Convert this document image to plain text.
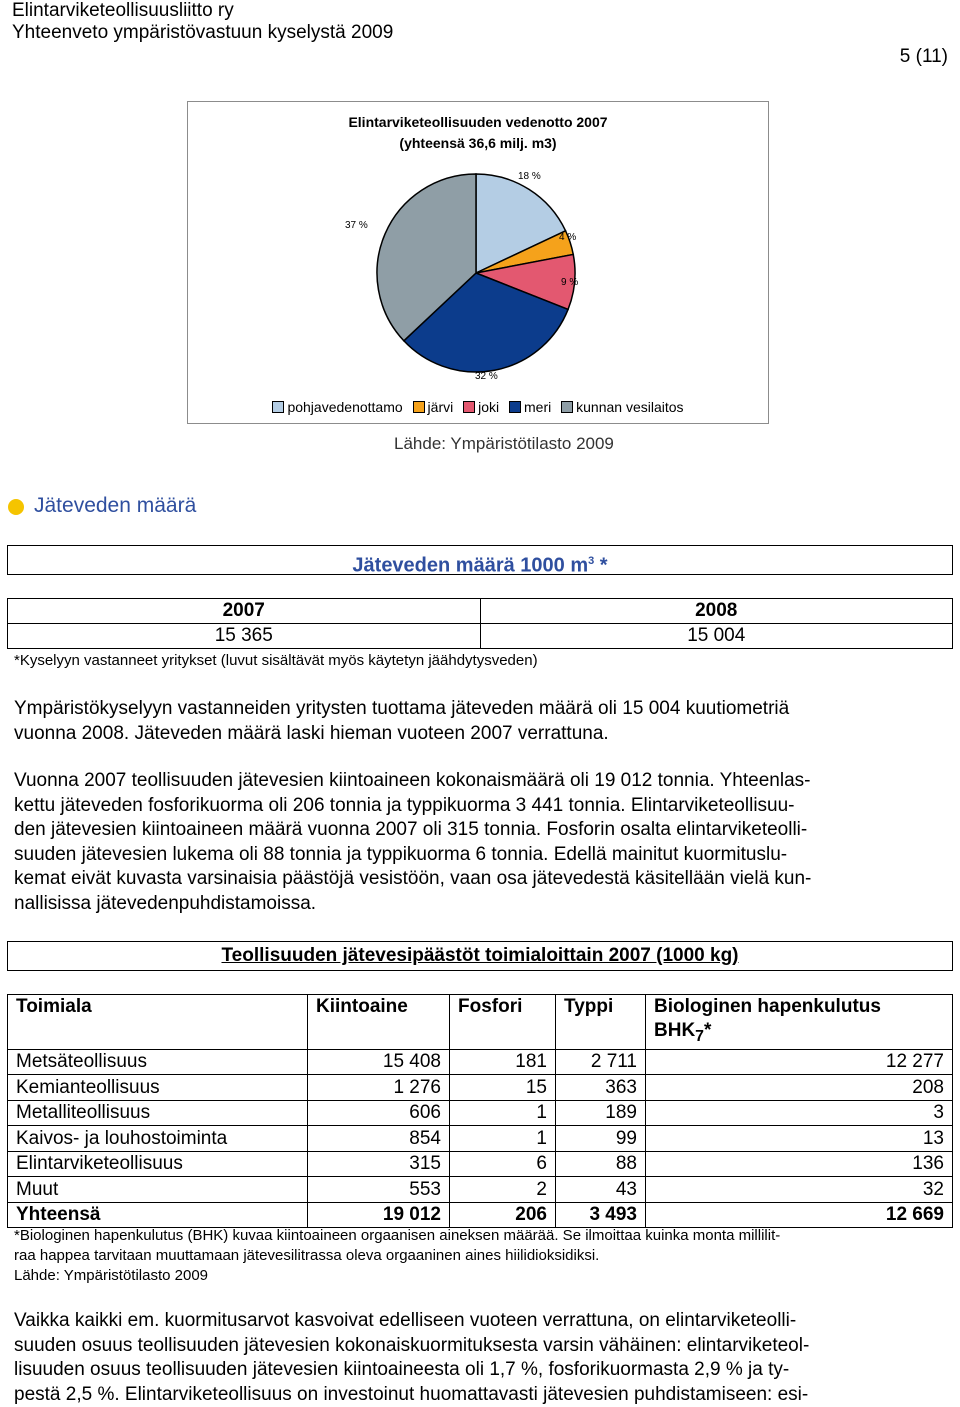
Elintarviketeollisuusliitto ry
Yhteenveto ympäristövastuun kyselystä 2009
5 (11)
Elintarviketeollisuuden vedenotto 2007
(yhteensä 36,6 milj. m3)
18 %
4 %
9 %
32 %
37 %
pohjavedenottamo järvi joki meri kunnan vesilaitos
Lähde: Ympäristötilasto 2009
Jäteveden määrä
Jäteveden määrä 1000 $m^3$ *
2007	2008
15 365	15 004
*Kyselyyn vastanneet yritykset (luvut sisältävät myös käytetyn jäähdytysveden)
Ympäristökyselyyn vastanneiden yritysten tuottama jäteveden määrä oli 15 004 kuutiometriä
vuonna 2008. Jäteveden määrä laski hieman vuoteen 2007 verrattuna.
Vuonna 2007 teollisuuden jätevesien kiintoaineen kokonaismäärä oli 19 012 tonnia. Yhteenlas-
kettu jäteveden fosforikuorma oli 206 tonnia ja typpikuorma 3 441 tonnia. Elintarviketeollisuu-
den jätevesien kiintoaineen määrä vuonna 2007 oli 315 tonnia. Fosforin osalta elintarviketeolli-
suuden jätevesien lukema oli 88 tonnia ja typpikuorma 6 tonnia. Edellä mainitut kuormituslu-
kemat eivät kuvasta varsinaisia päästöjä vesistöön, vaan osa jätevedestä käsitellään vielä kun-
nallisissa jätevedenpuhdistamoissa.
Teollisuuden jätevesipäästöt toimialoittain 2007 (1000 kg)
Toimiala	Kiintoaine	Fosfori	Typpi	Biologinen hapenkulutus
$BHK_7*$
Metsäteollisuus	15 408	181	2 711	12 277
Kemianteollisuus	1 276	15	363	208
Metalliteollisuus	606	1	189	3
Kaivos- ja louhostoiminta	854	1	99	13
Elintarviketeollisuus	315	6	88	136
Muut	553	2	43	32
Yhteensä	19 012	206	3 493	12 669
*Biologinen hapenkulutus (BHK) kuvaa kiintoaineen orgaanisen aineksen määrää. Se ilmoittaa kuinka monta millilit-
raa happea tarvitaan muuttamaan jätevesilitrassa oleva orgaaninen aines hiilidioksidiksi.
Lähde: Ympäristötilasto 2009
Vaikka kaikki em. kuormitusarvot kasvoivat edelliseen vuoteen verrattuna, on elintarviketeolli-
suuden osuus teollisuuden jätevesien kokonaiskuormituksesta varsin vähäinen: elintarviketeol-
lisuuden osuus teollisuuden jätevesien kiintoaineesta oli 1,7 %, fosforikuormasta 2,9 % ja ty-
pestä 2,5 %. Elintarviketeollisuus on investoinut huomattavasti jätevesien puhdistamiseen: esi-
